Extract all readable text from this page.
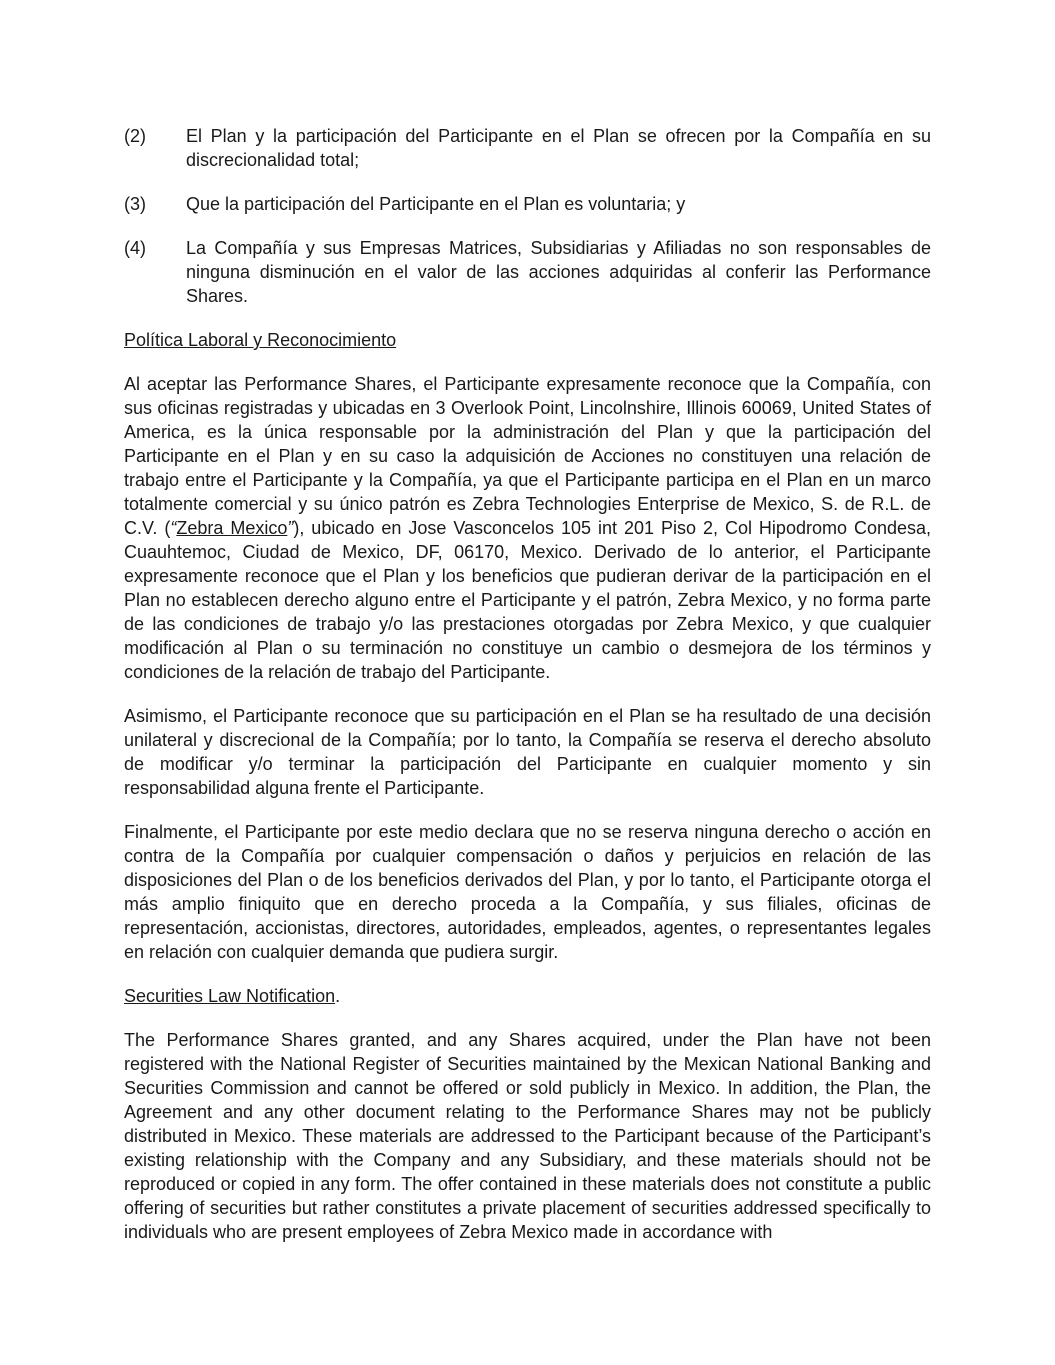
(2)	El Plan y la participación del Participante en el Plan se ofrecen por la Compañía en su discrecionalidad total;
(3)	Que la participación del Participante en el Plan es voluntaria; y
(4)	La Compañía y sus Empresas Matrices, Subsidiarias y Afiliadas no son responsables de ninguna disminución en el valor de las acciones adquiridas al conferir las Performance Shares.
Política Laboral y Reconocimiento

Al aceptar las Performance Shares, el Participante expresamente reconoce que la Compañía, con sus oficinas registradas y ubicadas en 3 Overlook Point, Lincolnshire, Illinois 60069, United States of America, es la única responsable por la administración del Plan y que la participación del Participante en el Plan y en su caso la adquisición de Acciones no constituyen una relación de trabajo entre el Participante y la Compañía, ya que el Participante participa en el Plan en un marco totalmente comercial y su único patrón es Zebra Technologies Enterprise de Mexico, S. de R.L. de C.V. (“Zebra Mexico”), ubicado en Jose Vasconcelos 105 int 201 Piso 2, Col Hipodromo Condesa, Cuauhtemoc, Ciudad de Mexico, DF, 06170, Mexico. Derivado de lo anterior, el Participante expresamente reconoce que el Plan y los beneficios que pudieran derivar de la participación en el Plan no establecen derecho alguno entre el Participante y el patrón, Zebra Mexico, y no forma parte de las condiciones de trabajo y/o las prestaciones otorgadas por Zebra Mexico, y que cualquier modificación al Plan o su terminación no constituye un cambio o desmejora de los términos y condiciones de la relación de trabajo del Participante.

Asimismo, el Participante reconoce que su participación en el Plan se ha resultado de una decisión unilateral y discrecional de la Compañía; por lo tanto, la Compañía se reserva el derecho absoluto de modificar y/o terminar la participación del Participante en cualquier momento y sin responsabilidad alguna frente el Participante.

Finalmente, el Participante por este medio declara que no se reserva ninguna derecho o acción en contra de la Compañía por cualquier compensación o daños y perjuicios en relación de las disposiciones del Plan o de los beneficios derivados del Plan, y por lo tanto, el Participante otorga el más amplio finiquito que en derecho proceda a la Compañía, y sus filiales, oficinas de representación, accionistas, directores, autoridades, empleados, agentes, o representantes legales en relación con cualquier demanda que pudiera surgir.

Securities Law Notification.

The Performance Shares granted, and any Shares acquired, under the Plan have not been registered with the National Register of Securities maintained by the Mexican National Banking and Securities Commission and cannot be offered or sold publicly in Mexico. In addition, the Plan, the Agreement and any other document relating to the Performance Shares may not be publicly distributed in Mexico. These materials are addressed to the Participant because of the Participant’s existing relationship with the Company and any Subsidiary, and these materials should not be reproduced or copied in any form. The offer contained in these materials does not constitute a public offering of securities but rather constitutes a private placement of securities addressed specifically to individuals who are present employees of Zebra Mexico made in accordance with
